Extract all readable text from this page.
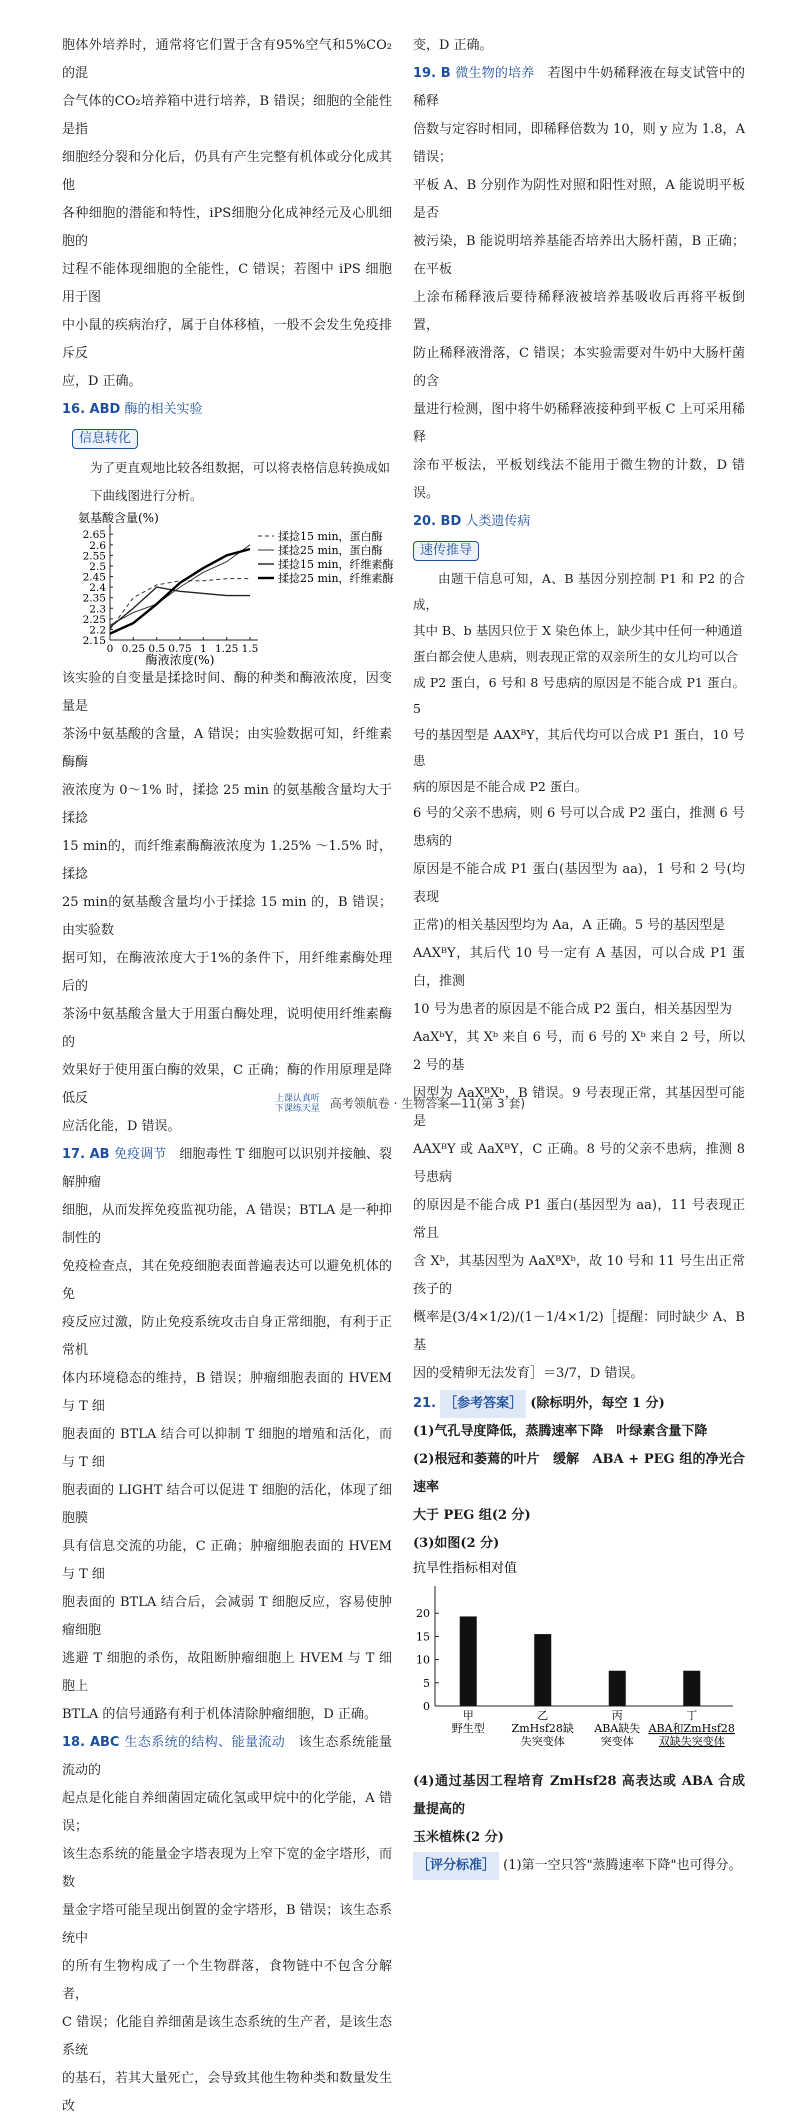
胞体外培养时，通常将它们置于含有95%空气和5%CO₂的混

合气体的CO₂培养箱中进行培养，B 错误；细胞的全能性是指

细胞经分裂和分化后，仍具有产生完整有机体或分化成其他

各种细胞的潜能和特性，iPS细胞分化成神经元及心肌细胞的

过程不能体现细胞的全能性，C 错误；若图中 iPS 细胞用于图

中小鼠的疾病治疗，属于自体移植，一般不会发生免疫排斥反

应，D 正确。

16. ABD 酶的相关实验
信息转化

为了更直观地比较各组数据，可以将表格信息转换成如

下曲线图进行分析。

氨基酸含量(%)
2.15
2.2
2.25
2.3
2.35
2.4
2.45
2.5
2.55
2.6
2.65
0 0.25 0.5 0.75 1 1.25 1.5
酶液浓度(%)
揉捻15 min，蛋白酶
揉捻25 min，蛋白酶
揉捻15 min，纤维素酶
揉捻25 min，纤维素酶

该实验的自变量是揉捻时间、酶的种类和酶液浓度，因变量是

茶汤中氨基酸的含量，A 错误；由实验数据可知，纤维素酶酶

液浓度为 0～1% 时，揉捻 25 min 的氨基酸含量均大于揉捻

15 min的，而纤维素酶酶液浓度为 1.25% ～1.5% 时，揉捻

25 min的氨基酸含量均小于揉捻 15 min 的，B 错误；由实验数

据可知，在酶液浓度大于1%的条件下，用纤维素酶处理后的

茶汤中氨基酸含量大于用蛋白酶处理，说明使用纤维素酶的

效果好于使用蛋白酶的效果，C 正确；酶的作用原理是降低反

应活化能，D 错误。

17. AB 免疫调节　细胞毒性 T 细胞可以识别并接触、裂解肿瘤

细胞，从而发挥免疫监视功能，A 错误；BTLA 是一种抑制性的

免疫检查点，其在免疫细胞表面普遍表达可以避免机体的免

疫反应过激，防止免疫系统攻击自身正常细胞，有利于正常机

体内环境稳态的维持，B 错误；肿瘤细胞表面的 HVEM 与 T 细

胞表面的 BTLA 结合可以抑制 T 细胞的增殖和活化，而与 T 细

胞表面的 LIGHT 结合可以促进 T 细胞的活化，体现了细胞膜

具有信息交流的功能，C 正确；肿瘤细胞表面的 HVEM 与 T 细

胞表面的 BTLA 结合后，会减弱 T 细胞反应，容易使肿瘤细胞

逃避 T 细胞的杀伤，故阻断肿瘤细胞上 HVEM 与 T 细胞上

BTLA 的信号通路有利于机体清除肿瘤细胞，D 正确。

18. ABC 生态系统的结构、能量流动　该生态系统能量流动的

起点是化能自养细菌固定硫化氢或甲烷中的化学能，A 错误；

该生态系统的能量金字塔表现为上窄下宽的金字塔形，而数

量金字塔可能呈现出倒置的金字塔形，B 错误；该生态系统中

的所有生物构成了一个生物群落，食物链中不包含分解者，

C 错误；化能自养细菌是该生态系统的生产者，是该生态系统

的基石，若其大量死亡，会导致其他生物种类和数量发生改

变，D 正确。

19. B 微生物的培养　若图中牛奶稀释液在每支试管中的稀释

倍数与定容时相同，即稀释倍数为 10，则 y 应为 1.8，A 错误；

平板 A、B 分别作为阴性对照和阳性对照，A 能说明平板是否

被污染，B 能说明培养基能否培养出大肠杆菌，B 正确；在平板

上涂布稀释液后要待稀释液被培养基吸收后再将平板倒置，

防止稀释液滑落，C 错误；本实验需要对牛奶中大肠杆菌的含

量进行检测，图中将牛奶稀释液接种到平板 C 上可采用稀释

涂布平板法，平板划线法不能用于微生物的计数，D 错误。

20. BD 人类遗传病
速传推导

由题干信息可知，A、B 基因分别控制 P1 和 P2 的合成，

其中 B、b 基因只位于 X 染色体上，缺少其中任何一种通道

蛋白都会使人患病，则表现正常的双亲所生的女儿均可以合

成 P2 蛋白，6 号和 8 号患病的原因是不能合成 P1 蛋白。5

号的基因型是 AAXᴮY，其后代均可以合成 P1 蛋白，10 号患

病的原因是不能合成 P2 蛋白。

6 号的父亲不患病，则 6 号可以合成 P2 蛋白，推测 6 号患病的

原因是不能合成 P1 蛋白(基因型为 aa)，1 号和 2 号(均表现

正常)的相关基因型均为 Aa，A 正确。5 号的基因型是

AAXᴮY，其后代 10 号一定有 A 基因，可以合成 P1 蛋白，推测

10 号为患者的原因是不能合成 P2 蛋白，相关基因型为

AaXᵇY，其 Xᵇ 来自 6 号，而 6 号的 Xᵇ 来自 2 号，所以2 号的基

因型为 AaXᴮXᵇ，B 错误。9 号表现正常，其基因型可能是

AAXᴮY 或 AaXᴮY，C 正确。8 号的父亲不患病，推测 8 号患病

的原因是不能合成 P1 蛋白(基因型为 aa)，11 号表现正常且

含 Xᵇ，其基因型为 AaXᴮXᵇ，故 10 号和 11 号生出正常孩子的

概率是(3/4×1/2)/(1－1/4×1/2)［提醒：同时缺少 A、B 基

因的受精卵无法发育］＝3/7，D 错误。

21. ［参考答案］ (除标明外，每空 1 分)

(1)气孔导度降低，蒸腾速率下降　叶绿素含量下降

(2)根冠和萎蔫的叶片　缓解　ABA + PEG 组的净光合速率

大于 PEG 组(2 分)

(3)如图(2 分)

抗旱性指标相对值
0
5
10
15
20
甲
野生型
乙
ZmHsf28缺
失突变体
丙
ABA缺失
突变体
丁
ABA和ZmHsf28
双缺失突变体

(4)通过基因工程培育 ZmHsf28 高表达或 ABA 合成量提高的

玉米植株(2 分)

［评分标准］ (1)第一空只答"蒸腾速率下降"也可得分。

上课认真听
下课练天星 高考领航卷 · 生物答案—11(第 3 套)
